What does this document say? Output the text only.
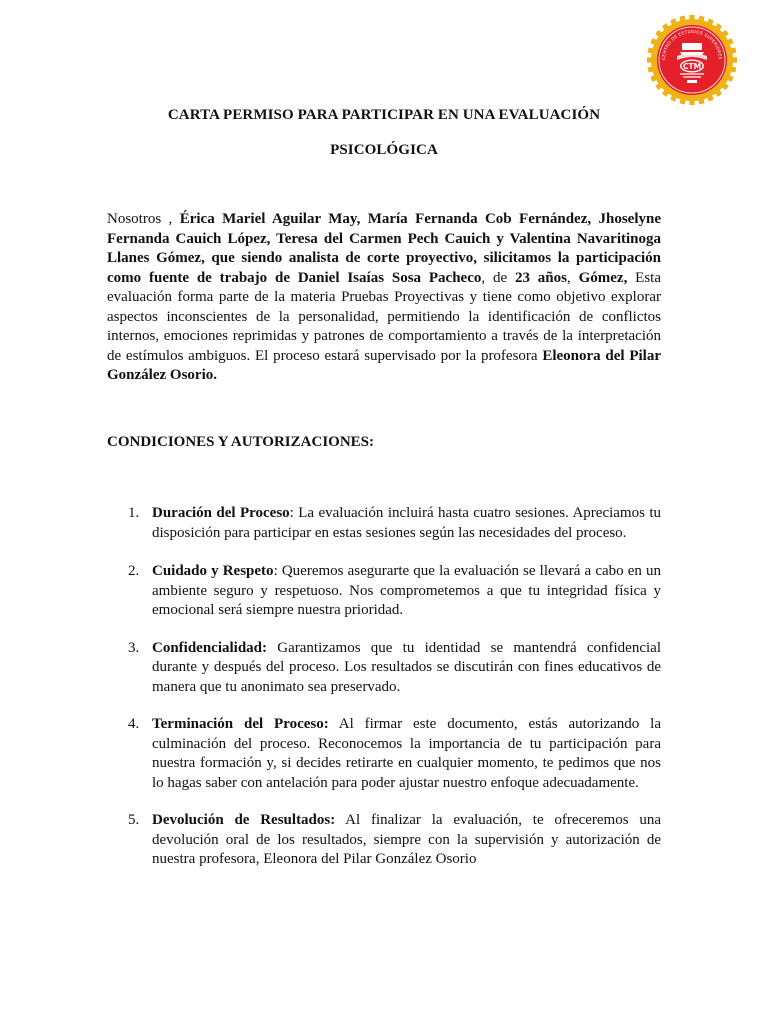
CENTRO DE ESTUDIOS SUPERIORES
CTM
CARTA PERMISO PARA PARTICIPAR EN UNA EVALUACIÓN
PSICOLÓGICA

Nosotros , Érica Mariel Aguilar May, María Fernanda Cob Fernández, Jhoselyne Fernanda Cauich López, Teresa del Carmen Pech Cauich y Valentina Navaritinoga Llanes Gómez, que siendo analista de corte proyectivo, silicitamos la participación como fuente de trabajo de Daniel Isaías Sosa Pacheco, de 23 años, Gómez, Esta evaluación forma parte de la materia Pruebas Proyectivas y tiene como objetivo explorar aspectos inconscientes de la personalidad, permitiendo la identificación de conflictos internos, emociones reprimidas y patrones de comportamiento a través de la interpretación de estímulos ambiguos. El proceso estará supervisado por la profesora Eleonora del Pilar González Osorio.

CONDICIONES Y AUTORIZACIONES:
1. Duración del Proceso: La evaluación incluirá hasta cuatro sesiones. Apreciamos tu disposición para participar en estas sesiones según las necesidades del proceso.
2. Cuidado y Respeto: Queremos asegurarte que la evaluación se llevará a cabo en un ambiente seguro y respetuoso. Nos comprometemos a que tu integridad física y emocional será siempre nuestra prioridad.
3. Confidencialidad: Garantizamos que tu identidad se mantendrá confidencial durante y después del proceso. Los resultados se discutirán con fines educativos de manera que tu anonimato sea preservado.
4. Terminación del Proceso: Al firmar este documento, estás autorizando la culminación del proceso. Reconocemos la importancia de tu participación para nuestra formación y, si decides retirarte en cualquier momento, te pedimos que nos lo hagas saber con antelación para poder ajustar nuestro enfoque adecuadamente.
5. Devolución de Resultados: Al finalizar la evaluación, te ofreceremos una devolución oral de los resultados, siempre con la supervisión y autorización de nuestra profesora, Eleonora del Pilar González Osorio
